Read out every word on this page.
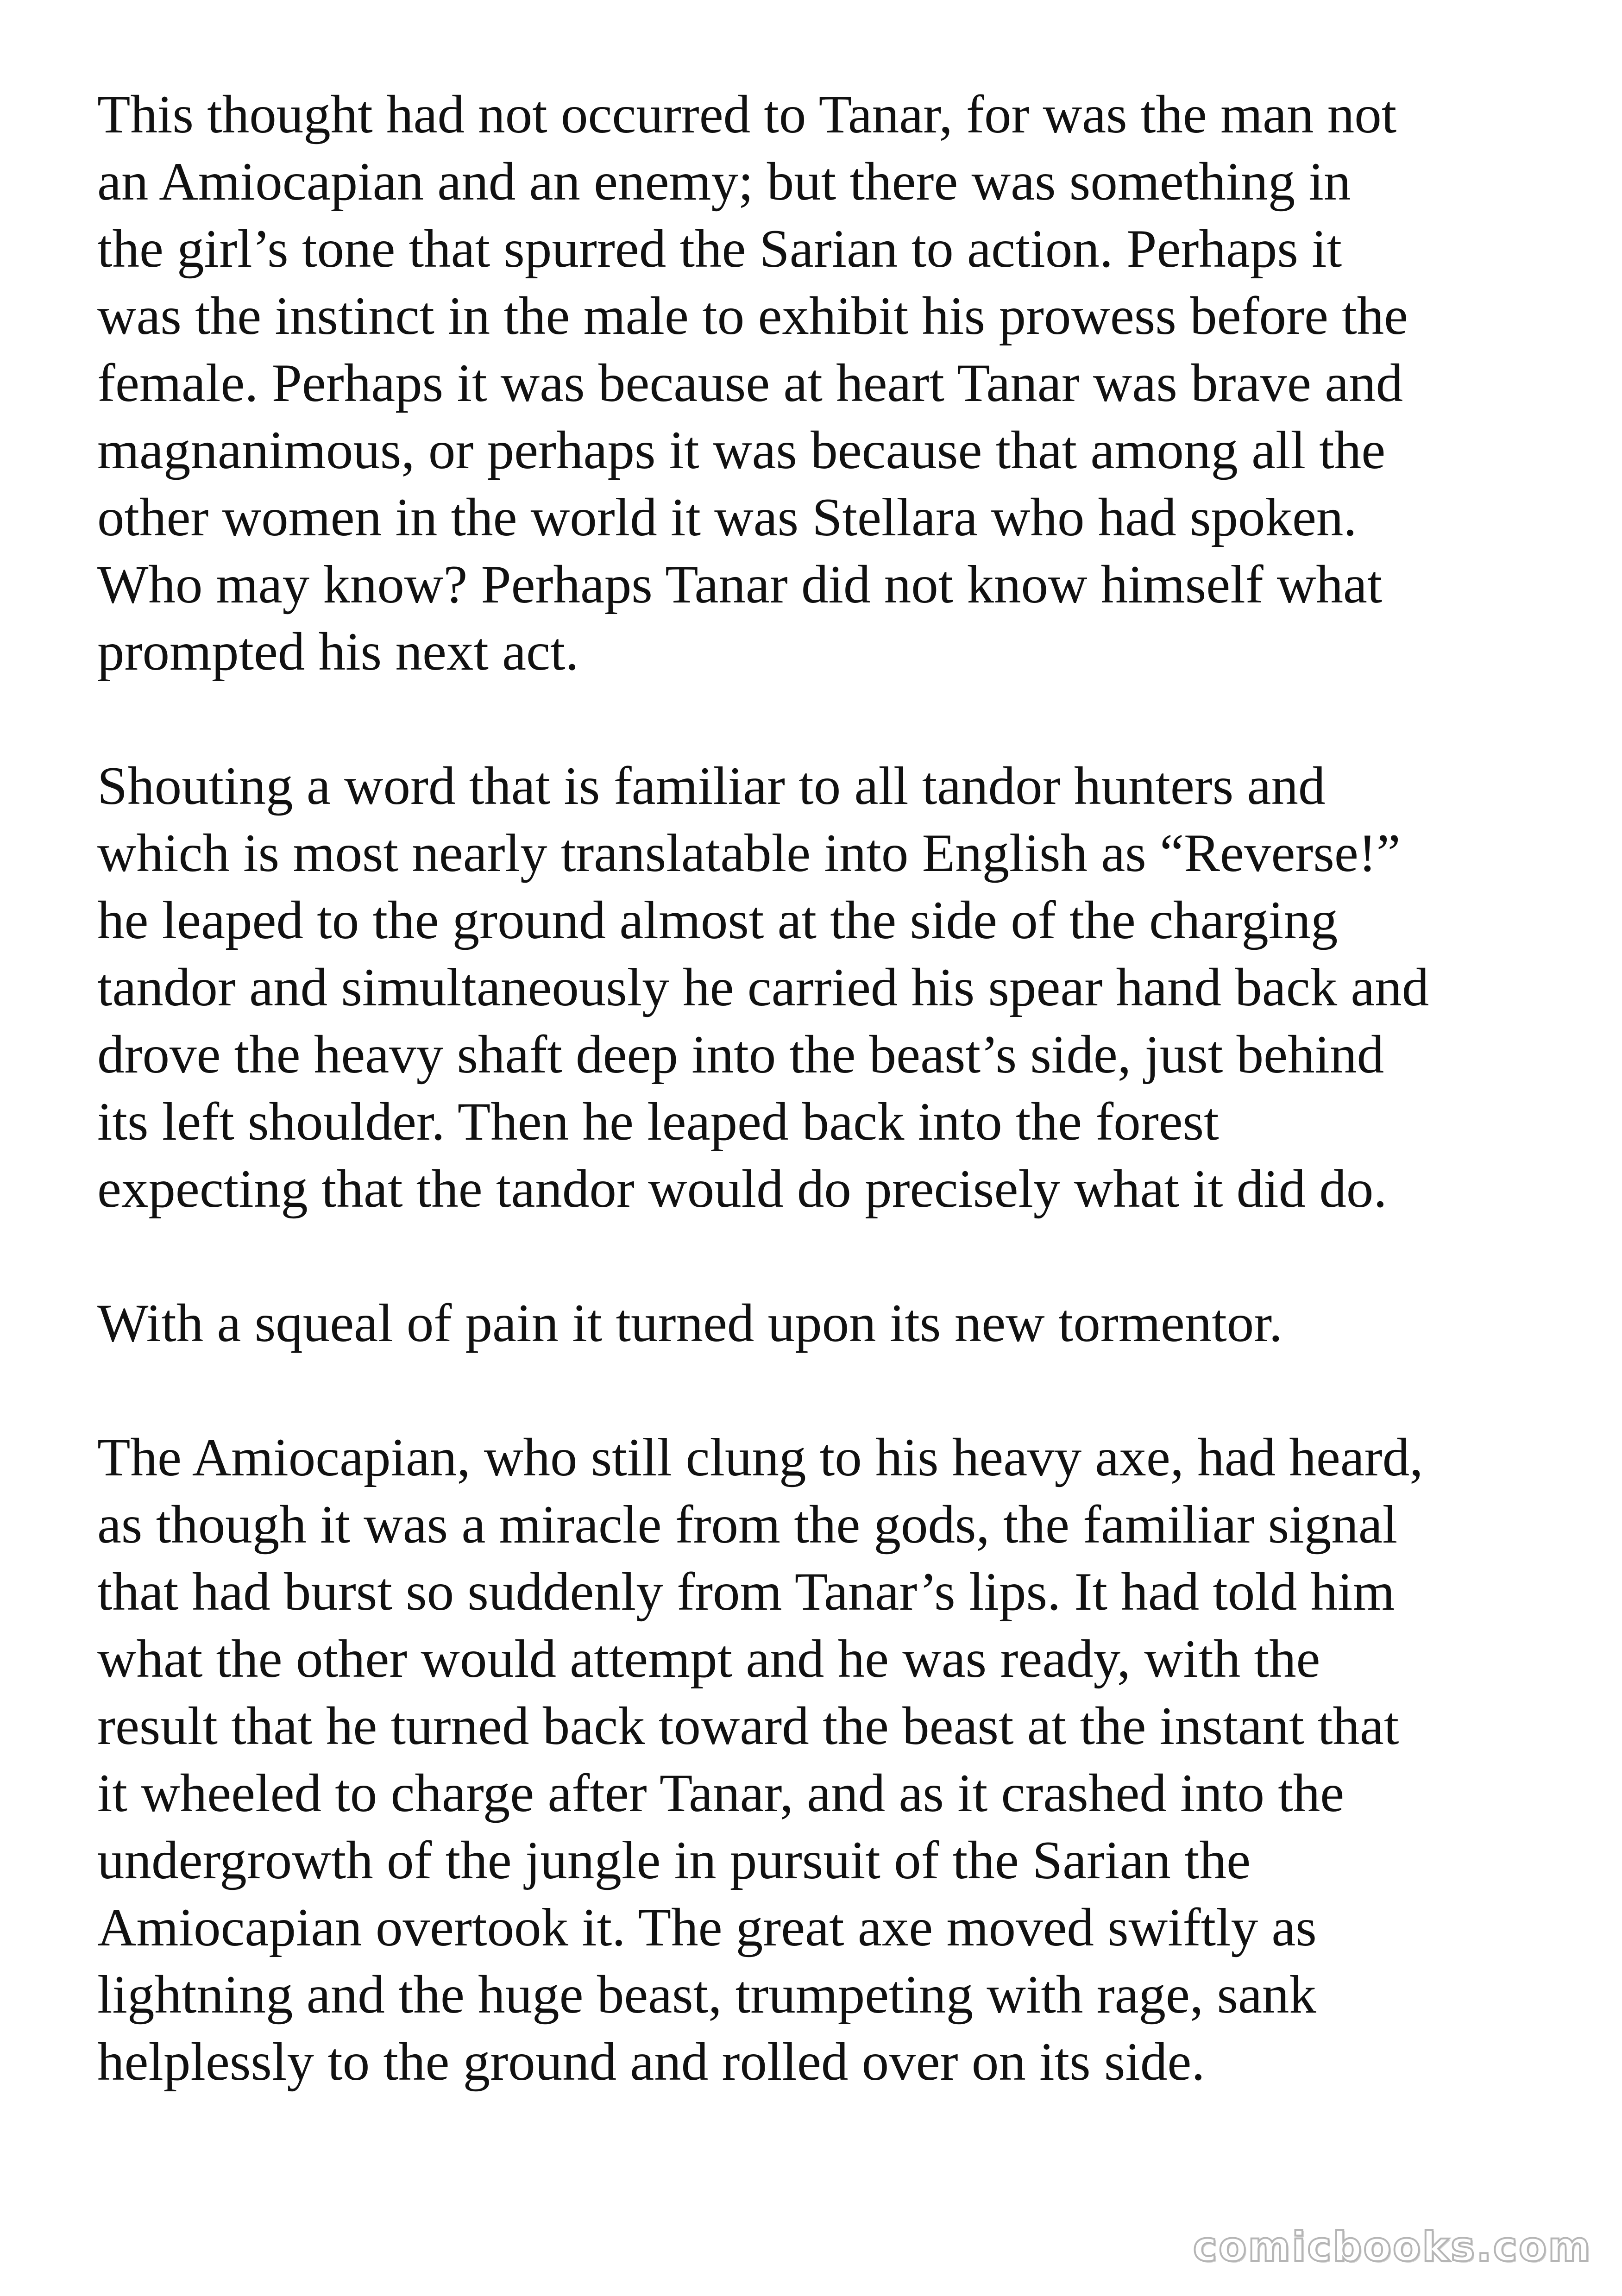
This thought had not occurred to Tanar, for was the man not
an Amiocapian and an enemy; but there was something in
the girl’s tone that spurred the Sarian to action. Perhaps it
was the instinct in the male to exhibit his prowess before the
female. Perhaps it was because at heart Tanar was brave and
magnanimous, or perhaps it was because that among all the
other women in the world it was Stellara who had spoken.
Who may know? Perhaps Tanar did not know himself what
prompted his next act.

Shouting a word that is familiar to all tandor hunters and
which is most nearly translatable into English as “Reverse!”
he leaped to the ground almost at the side of the charging
tandor and simultaneously he carried his spear hand back and
drove the heavy shaft deep into the beast’s side, just behind
its left shoulder. Then he leaped back into the forest
expecting that the tandor would do precisely what it did do.

With a squeal of pain it turned upon its new tormentor.

The Amiocapian, who still clung to his heavy axe, had heard,
as though it was a miracle from the gods, the familiar signal
that had burst so suddenly from Tanar’s lips. It had told him
what the other would attempt and he was ready, with the
result that he turned back toward the beast at the instant that
it wheeled to charge after Tanar, and as it crashed into the
undergrowth of the jungle in pursuit of the Sarian the
Amiocapian overtook it. The great axe moved swiftly as
lightning and the huge beast, trumpeting with rage, sank
helplessly to the ground and rolled over on its side.

comicbooks.com
